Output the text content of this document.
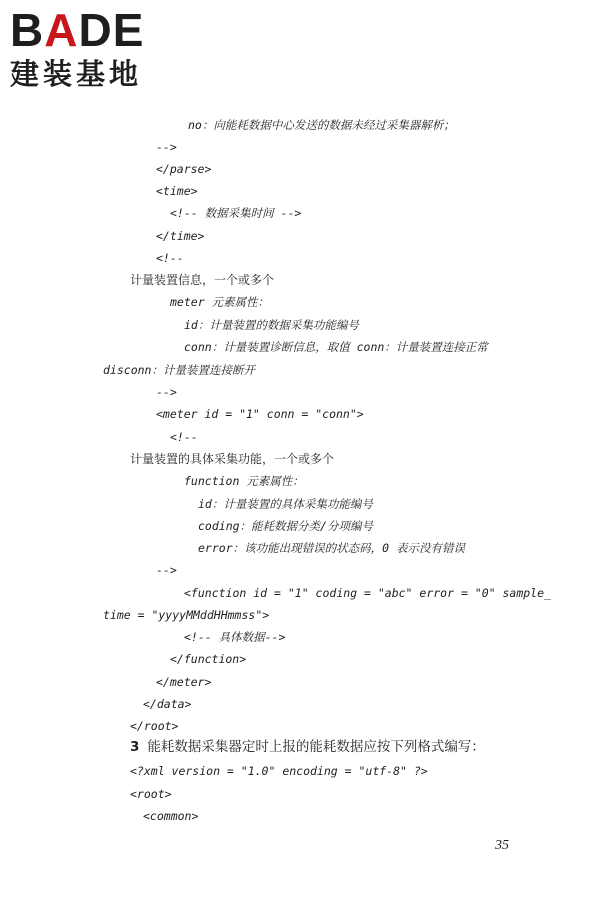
BADE
建装基地
no：向能耗数据中心发送的数据未经过采集器解析；
-->
</parse>
<time>
<!-- 数据采集时间 -->
</time>
<!--
计量装置信息，一个或多个
meter 元素属性：
id：计量装置的数据采集功能编号
conn：计量装置诊断信息，取值 conn：计量装置连接正常
disconn：计量装置连接断开
-->
<meter id = "1" conn = "conn">
<!--
计量装置的具体采集功能，一个或多个
function 元素属性：
id：计量装置的具体采集功能编号
coding：能耗数据分类/分项编号
error：该功能出现错误的状态码，0 表示没有错误
-->
<function id = "1" coding = "abc" error = "0" sample_
time = "yyyyMMddHHmmss">
<!-- 具体数据-->
</function>
</meter>
</data>
</root>
3 能耗数据采集器定时上报的能耗数据应按下列格式编写：
<?xml version = "1.0" encoding = "utf-8" ?>
<root>
<common>
35
